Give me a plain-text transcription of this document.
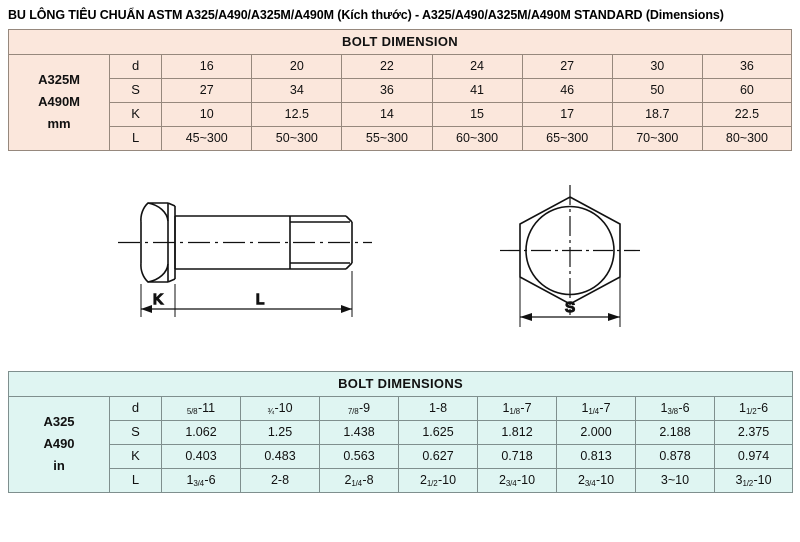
BU LÔNG TIÊU CHUẨN ASTM A325/A490/A325M/A490M (Kích thước) - A325/A490/A325M/A490M STANDARD (Dimensions)
BOLT DIMENSION								

A325M
A490M
mm	d	16	20	22	24	27	30	36
	S	27	34	36	41	46	50	60
	K	10	12.5	14	15	17	18.7	22.5
	L	45~300	50~300	55~300	60~300	65~300	70~300	80~300
K	L	S
BOLT DIMENSIONS									

A325
A490
in	d	5/8-11	¾-10	7/8-9	1-8	11/8-7	11/4-7	13/8-6	11/2-6
	S	1.062	1.25	1.438	1.625	1.812	2.000	2.188	2.375
	K	0.403	0.483	0.563	0.627	0.718	0.813	0.878	0.974
	L	13/4-6	2-8	21/4-8	21/2-10	23/4-10	23/4-10	3~10	31/2-10
